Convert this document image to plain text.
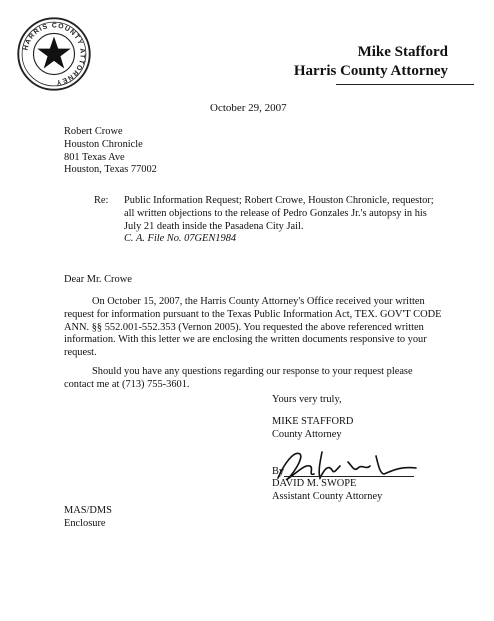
HARRIS COUNTY ATTORNEY
Mike Stafford
Harris County Attorney
October 29, 2007
Robert Crowe
Houston Chronicle
801 Texas Ave
Houston, Texas 77002
Re: Public Information Request; Robert Crowe, Houston Chronicle, requestor;
all written objections to the release of Pedro Gonzales Jr.'s autopsy in his
July 21 death inside the Pasadena City Jail.
C. A. File No. 07GEN1984
Dear Mr. Crowe
On October 15, 2007, the Harris County Attorney's Office received your written
request for information pursuant to the Texas Public Information Act, TEX. GOV'T CODE
ANN. §§ 552.001-552.353 (Vernon 2005). You requested the above referenced written
information. With this letter we are enclosing the written documents responsive to your
request.
Should you have any questions regarding our response to your request please
contact me at (713) 755-3601.
Yours very truly,
MIKE STAFFORD
County Attorney
By
DAVID M. SWOPE
Assistant County Attorney
MAS/DMS
Enclosure
